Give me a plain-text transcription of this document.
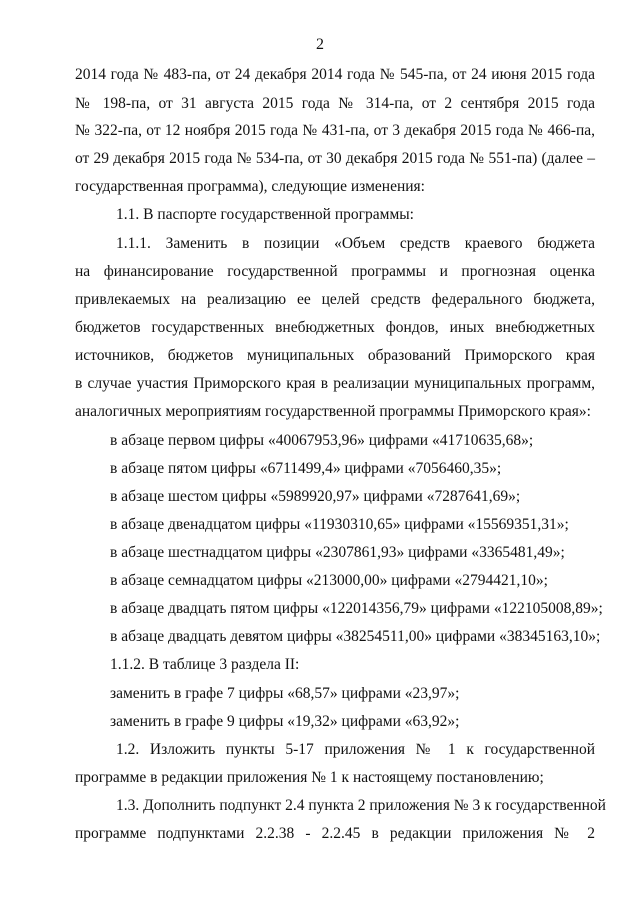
2
2014 года № 483-па, от 24 декабря 2014 года № 545-па, от 24 июня 2015 года
№ 198-па, от 31 августа 2015 года № 314-па, от 2 сентября 2015 года
№ 322-па, от 12 ноября 2015 года № 431-па, от 3 декабря 2015 года № 466-па,
от 29 декабря 2015 года № 534-па, от 30 декабря 2015 года № 551-па) (далее –
государственная программа), следующие изменения:
1.1. В паспорте государственной программы:
1.1.1. Заменить в позиции «Объем средств краевого бюджета
на финансирование государственной программы и прогнозная оценка
привлекаемых на реализацию ее целей средств федерального бюджета,
бюджетов государственных внебюджетных фондов, иных внебюджетных
источников, бюджетов муниципальных образований Приморского края
в случае участия Приморского края в реализации муниципальных программ,
аналогичных мероприятиям государственной программы Приморского края»:
в абзаце первом цифры «40067953,96» цифрами «41710635,68»;
в абзаце пятом цифры «6711499,4» цифрами «7056460,35»;
в абзаце шестом цифры «5989920,97» цифрами «7287641,69»;
в абзаце двенадцатом цифры «11930310,65» цифрами «15569351,31»;
в абзаце шестнадцатом цифры «2307861,93» цифрами «3365481,49»;
в абзаце семнадцатом цифры «213000,00» цифрами «2794421,10»;
в абзаце двадцать пятом цифры «122014356,79» цифрами «122105008,89»;
в абзаце двадцать девятом цифры «38254511,00» цифрами «38345163,10»;
1.1.2. В таблице 3 раздела II:
заменить в графе 7 цифры «68,57» цифрами «23,97»;
заменить в графе 9 цифры «19,32» цифрами «63,92»;
1.2. Изложить пункты 5-17 приложения № 1 к государственной
программе в редакции приложения № 1 к настоящему постановлению;
1.3. Дополнить подпункт 2.4 пункта 2 приложения № 3 к государственной
программе подпунктами 2.2.38 - 2.2.45 в редакции приложения № 2
